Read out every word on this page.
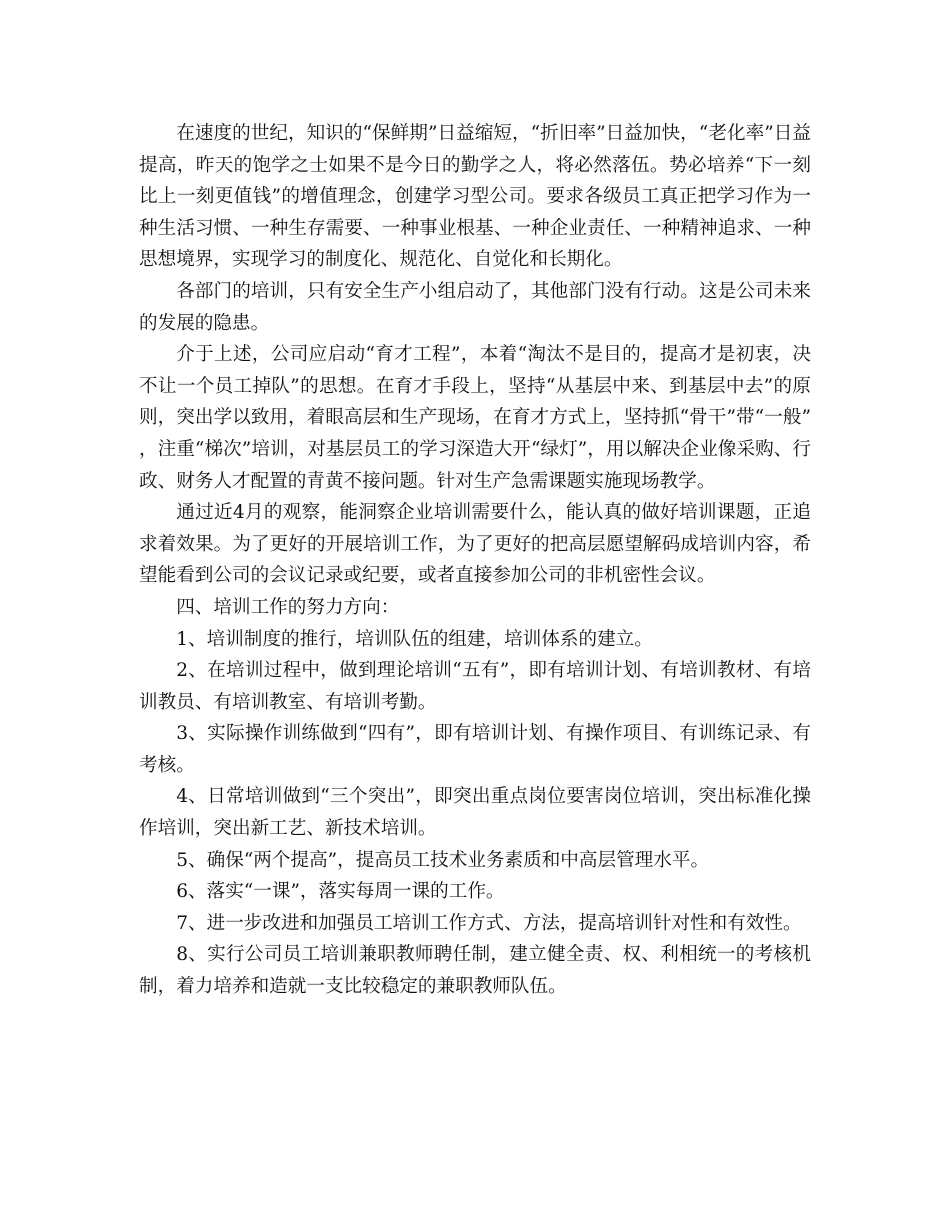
在速度的世纪，知识的“保鲜期”日益缩短，“折旧率”日益加快，“老化率”日益提高，昨天的饱学之士如果不是今日的勤学之人，将必然落伍。势必培养“下一刻比上一刻更值钱”的增值理念，创建学习型公司。要求各级员工真正把学习作为一种生活习惯、一种生存需要、一种事业根基、一种企业责任、一种精神追求、一种思想境界，实现学习的制度化、规范化、自觉化和长期化。

各部门的培训，只有安全生产小组启动了，其他部门没有行动。这是公司未来的发展的隐患。

介于上述，公司应启动“育才工程”，本着“淘汰不是目的，提高才是初衷，决不让一个员工掉队”的思想。在育才手段上，坚持“从基层中来、到基层中去”的原则，突出学以致用，着眼高层和生产现场，在育才方式上，坚持抓“骨干”带“一般”，注重“梯次”培训，对基层员工的学习深造大开“绿灯”，用以解决企业像采购、行政、财务人才配置的青黄不接问题。针对生产急需课题实施现场教学。

通过近4月的观察，能洞察企业培训需要什么，能认真的做好培训课题，正追求着效果。为了更好的开展培训工作，为了更好的把高层愿望解码成培训内容，希望能看到公司的会议记录或纪要，或者直接参加公司的非机密性会议。

四、培训工作的努力方向：

1、培训制度的推行，培训队伍的组建，培训体系的建立。

2、在培训过程中，做到理论培训“五有”，即有培训计划、有培训教材、有培训教员、有培训教室、有培训考勤。

3、实际操作训练做到“四有”，即有培训计划、有操作项目、有训练记录、有考核。

4、日常培训做到“三个突出”，即突出重点岗位要害岗位培训，突出标准化操作培训，突出新工艺、新技术培训。

5、确保“两个提高”，提高员工技术业务素质和中高层管理水平。

6、落实“一课”，落实每周一课的工作。

7、进一步改进和加强员工培训工作方式、方法，提高培训针对性和有效性。

8、实行公司员工培训兼职教师聘任制，建立健全责、权、利相统一的考核机制，着力培养和造就一支比较稳定的兼职教师队伍。
